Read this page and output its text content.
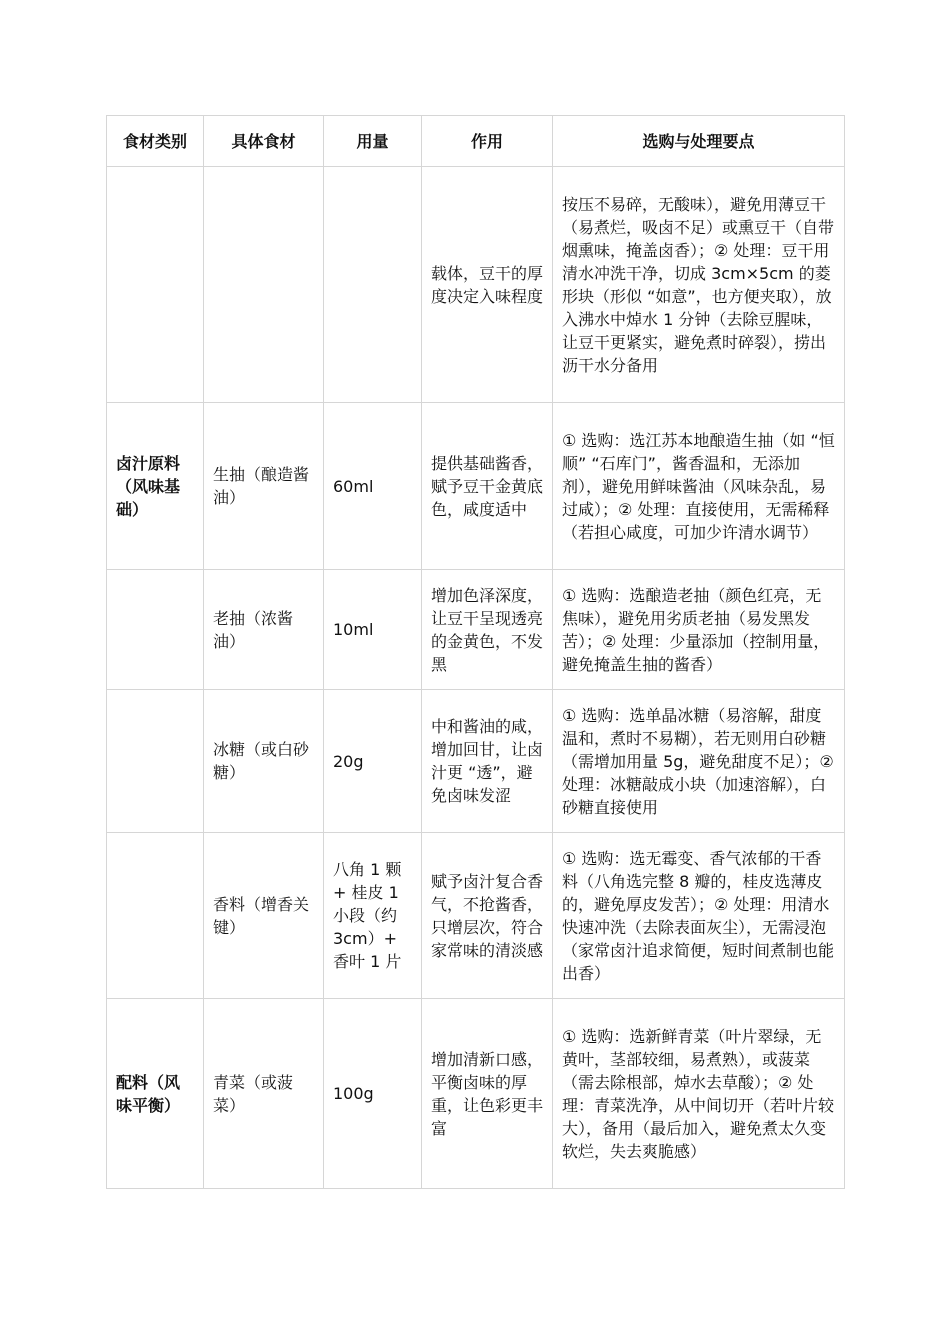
食材类别	具体食材	用量	作用	选购与处理要点
			载体，豆干的厚度决定入味程度	按压不易碎，无酸味），避免用薄豆干（易煮烂，吸卤不足）或熏豆干（自带烟熏味，掩盖卤香）；② 处理：豆干用清水冲洗干净，切成 3cm×5cm 的菱形块（形似 “如意”，也方便夹取），放入沸水中焯水 1 分钟（去除豆腥味，让豆干更紧实，避免煮时碎裂），捞出沥干水分备用
卤汁原料（风味基础）	生抽（酿造酱油）	60ml	提供基础酱香，赋予豆干金黄底色，咸度适中	① 选购：选江苏本地酿造生抽（如 “恒顺” “石库门”，酱香温和，无添加剂），避免用鲜味酱油（风味杂乱，易过咸）；② 处理：直接使用，无需稀释（若担心咸度，可加少许清水调节）
	老抽（浓酱油）	10ml	增加色泽深度，让豆干呈现透亮的金黄色，不发黑	① 选购：选酿造老抽（颜色红亮，无焦味），避免用劣质老抽（易发黑发苦）；② 处理：少量添加（控制用量，避免掩盖生抽的酱香）
	冰糖（或白砂糖）	20g	中和酱油的咸，增加回甘，让卤汁更 “透”，避免卤味发涩	① 选购：选单晶冰糖（易溶解，甜度温和，煮时不易糊），若无则用白砂糖（需增加用量 5g，避免甜度不足）；② 处理：冰糖敲成小块（加速溶解），白砂糖直接使用
	香料（增香关键）	八角 1 颗 + 桂皮 1 小段（约 3cm）+ 香叶 1 片	赋予卤汁复合香气，不抢酱香，只增层次，符合家常味的清淡感	① 选购：选无霉变、香气浓郁的干香料（八角选完整 8 瓣的，桂皮选薄皮的，避免厚皮发苦）；② 处理：用清水快速冲洗（去除表面灰尘），无需浸泡（家常卤汁追求简便，短时间煮制也能出香）
配料（风味平衡）	青菜（或菠菜）	100g	增加清新口感，平衡卤味的厚重，让色彩更丰富	① 选购：选新鲜青菜（叶片翠绿，无黄叶，茎部较细，易煮熟），或菠菜（需去除根部，焯水去草酸）；② 处理：青菜洗净，从中间切开（若叶片较大），备用（最后加入，避免煮太久变软烂，失去爽脆感）
